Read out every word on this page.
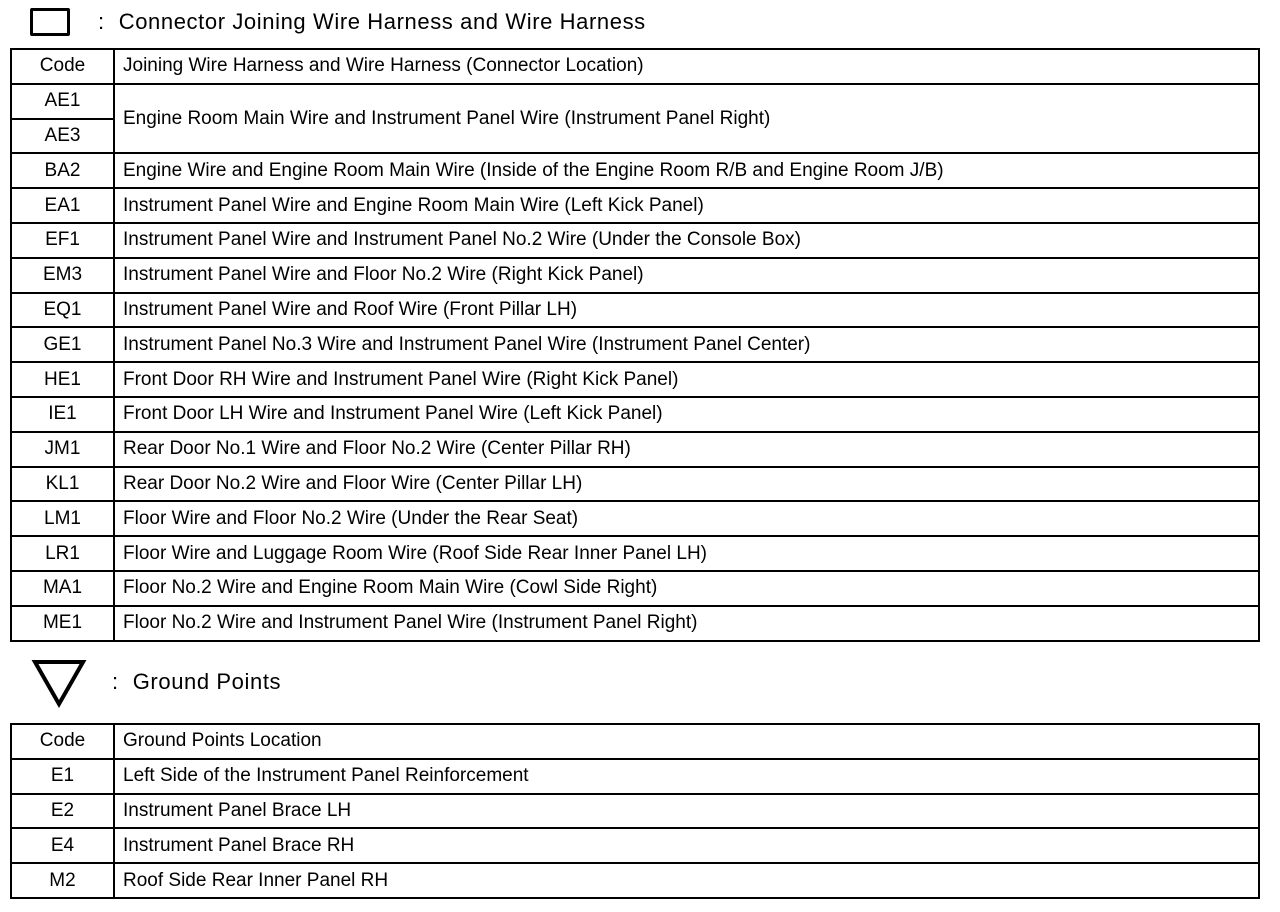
: Connector Joining Wire Harness and Wire Harness
Code	Joining Wire Harness and Wire Harness (Connector Location)
AE1	Engine Room Main Wire and Instrument Panel Wire (Instrument Panel Right)
AE3	
BA2	Engine Wire and Engine Room Main Wire (Inside of the Engine Room R/B and Engine Room J/B)
EA1	Instrument Panel Wire and Engine Room Main Wire (Left Kick Panel)
EF1	Instrument Panel Wire and Instrument Panel No.2 Wire (Under the Console Box)
EM3	Instrument Panel Wire and Floor No.2 Wire (Right Kick Panel)
EQ1	Instrument Panel Wire and Roof Wire (Front Pillar LH)
GE1	Instrument Panel No.3 Wire and Instrument Panel Wire (Instrument Panel Center)
HE1	Front Door RH Wire and Instrument Panel Wire (Right Kick Panel)
IE1	Front Door LH Wire and Instrument Panel Wire (Left Kick Panel)
JM1	Rear Door No.1 Wire and Floor No.2 Wire (Center Pillar RH)
KL1	Rear Door No.2 Wire and Floor Wire (Center Pillar LH)
LM1	Floor Wire and Floor No.2 Wire (Under the Rear Seat)
LR1	Floor Wire and Luggage Room Wire (Roof Side Rear Inner Panel LH)
MA1	Floor No.2 Wire and Engine Room Main Wire (Cowl Side Right)
ME1	Floor No.2 Wire and Instrument Panel Wire (Instrument Panel Right)
: Ground Points
Code	Ground Points Location
E1	Left Side of the Instrument Panel Reinforcement
E2	Instrument Panel Brace LH
E4	Instrument Panel Brace RH
M2	Roof Side Rear Inner Panel RH
